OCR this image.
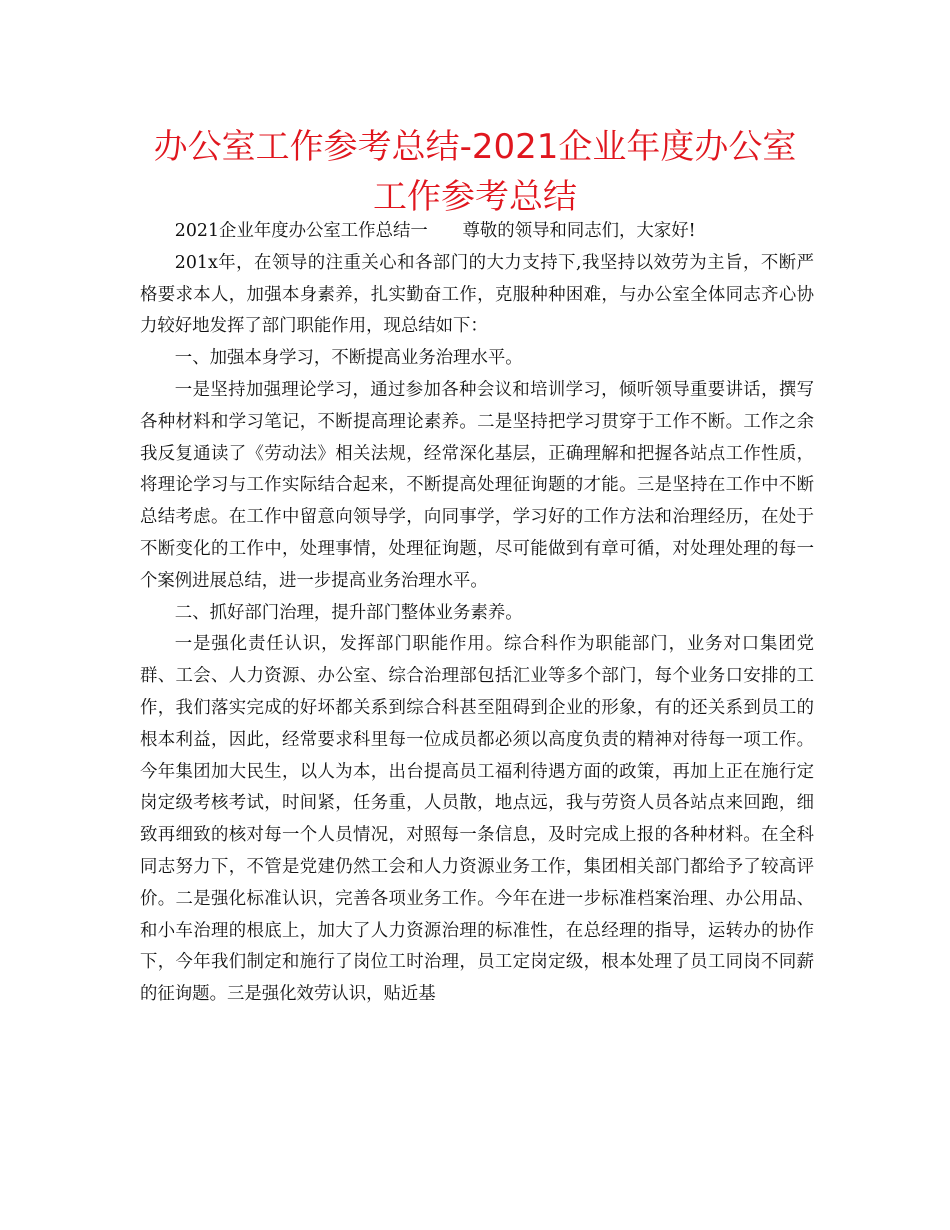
办公室工作参考总结-2021企业年度办公室工作参考总结

2021企业年度办公室工作总结一　　尊敬的领导和同志们，大家好!

201x年，在领导的注重关心和各部门的大力支持下,我坚持以效劳为主旨，不断严格要求本人，加强本身素养，扎实勤奋工作，克服种种困难，与办公室全体同志齐心协力较好地发挥了部门职能作用，现总结如下：

一、加强本身学习，不断提高业务治理水平。

一是坚持加强理论学习，通过参加各种会议和培训学习，倾听领导重要讲话，撰写各种材料和学习笔记，不断提高理论素养。二是坚持把学习贯穿于工作不断。工作之余我反复通读了《劳动法》相关法规，经常深化基层，正确理解和把握各站点工作性质，将理论学习与工作实际结合起来，不断提高处理征询题的才能。三是坚持在工作中不断总结考虑。在工作中留意向领导学，向同事学，学习好的工作方法和治理经历，在处于不断变化的工作中，处理事情，处理征询题，尽可能做到有章可循，对处理处理的每一个案例进展总结，进一步提高业务治理水平。

二、抓好部门治理，提升部门整体业务素养。

一是强化责任认识，发挥部门职能作用。综合科作为职能部门，业务对口集团党群、工会、人力资源、办公室、综合治理部包括汇业等多个部门，每个业务口安排的工作，我们落实完成的好坏都关系到综合科甚至阻碍到企业的形象，有的还关系到员工的根本利益，因此，经常要求科里每一位成员都必须以高度负责的精神对待每一项工作。今年集团加大民生，以人为本，出台提高员工福利待遇方面的政策，再加上正在施行定岗定级考核考试，时间紧，任务重，人员散，地点远，我与劳资人员各站点来回跑，细致再细致的核对每一个人员情况，对照每一条信息，及时完成上报的各种材料。在全科同志努力下，不管是党建仍然工会和人力资源业务工作，集团相关部门都给予了较高评价。二是强化标准认识，完善各项业务工作。今年在进一步标准档案治理、办公用品、和小车治理的根底上，加大了人力资源治理的标准性，在总经理的指导，运转办的协作下，今年我们制定和施行了岗位工时治理，员工定岗定级，根本处理了员工同岗不同薪的征询题。三是强化效劳认识，贴近基
